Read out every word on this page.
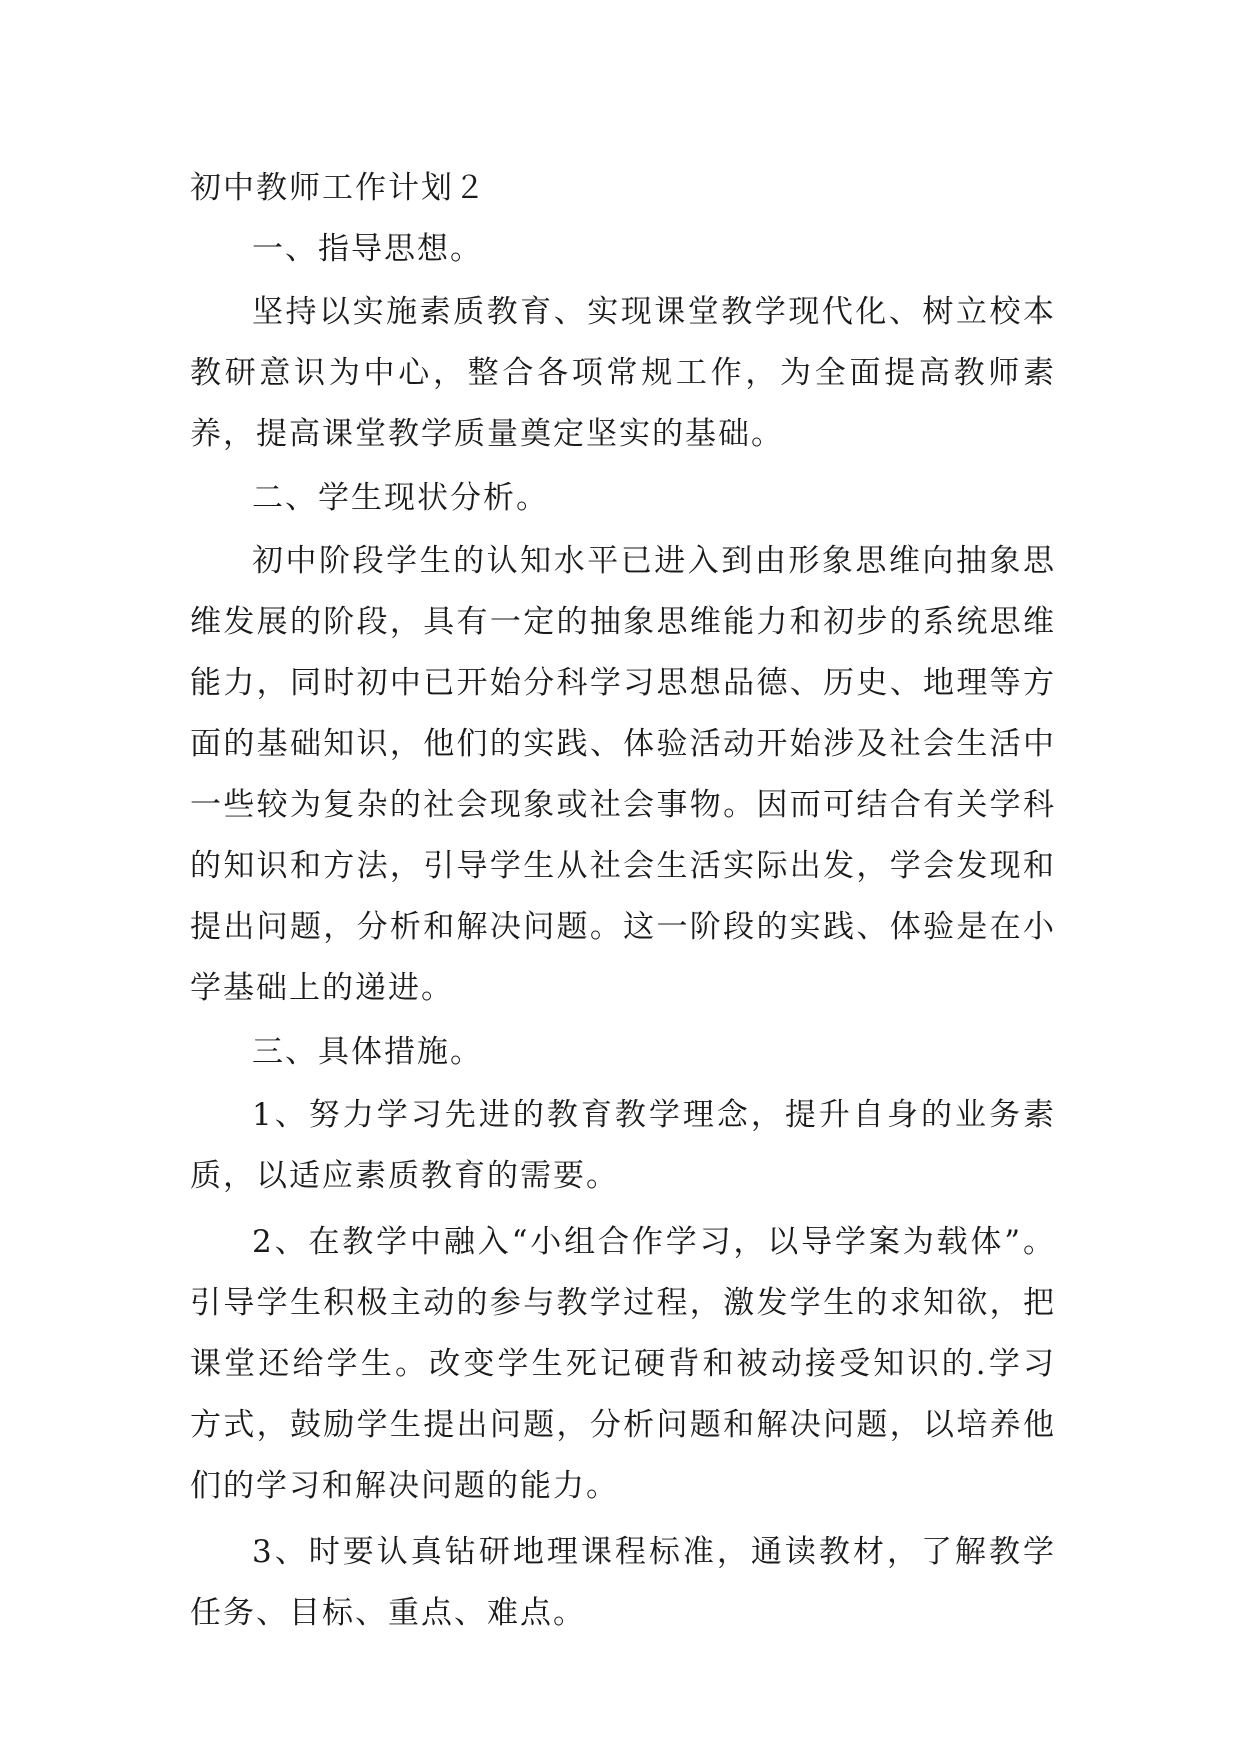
初中教师工作计划２
一、指导思想。

坚持以实施素质教育、实现课堂教学现代化、树立校本教研意识为中心，整合各项常规工作，为全面提高教师素养，提高课堂教学质量奠定坚实的基础。

二、学生现状分析。

初中阶段学生的认知水平已进入到由形象思维向抽象思维发展的阶段，具有一定的抽象思维能力和初步的系统思维能力，同时初中已开始分科学习思想品德、历史、地理等方面的基础知识，他们的实践、体验活动开始涉及社会生活中一些较为复杂的社会现象或社会事物。因而可结合有关学科的知识和方法，引导学生从社会生活实际出发，学会发现和提出问题，分析和解决问题。这一阶段的实践、体验是在小学基础上的递进。

三、具体措施。

1、努力学习先进的教育教学理念，提升自身的业务素质，以适应素质教育的需要。

2、在教学中融入“小组合作学习，以导学案为载体”。引导学生积极主动的参与教学过程，激发学生的求知欲，把课堂还给学生。改变学生死记硬背和被动接受知识的.学习方式，鼓励学生提出问题，分析问题和解决问题，以培养他们的学习和解决问题的能力。

3、时要认真钻研地理课程标准，通读教材，了解教学任务、目标、重点、难点。
